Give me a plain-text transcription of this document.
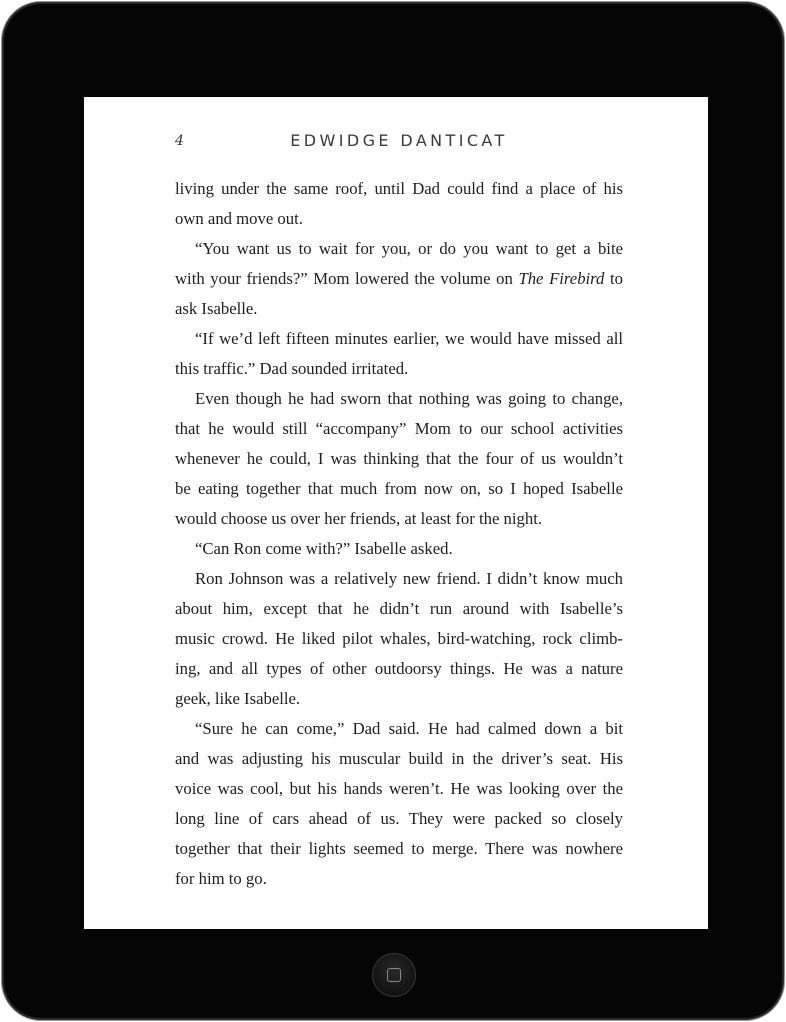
4	EDWIDGE DANTICAT
living under the same roof, until Dad could find a place of his
own and move out.
“You want us to wait for you, or do you want to get a bite
with your friends?” Mom lowered the volume on The Firebird to
ask Isabelle.
“If we’d left fifteen minutes earlier, we would have missed all
this traffic.” Dad sounded irritated.
Even though he had sworn that nothing was going to change,
that he would still “accompany” Mom to our school activities
whenever he could, I was thinking that the four of us wouldn’t
be eating together that much from now on, so I hoped Isabelle
would choose us over her friends, at least for the night.
“Can Ron come with?” Isabelle asked.
Ron Johnson was a relatively new friend. I didn’t know much
about him, except that he didn’t run around with Isabelle’s
music crowd. He liked pilot whales, bird-watching, rock climb-
ing, and all types of other outdoorsy things. He was a nature
geek, like Isabelle.
“Sure he can come,” Dad said. He had calmed down a bit
and was adjusting his muscular build in the driver’s seat. His
voice was cool, but his hands weren’t. He was looking over the
long line of cars ahead of us. They were packed so closely
together that their lights seemed to merge. There was nowhere
for him to go.
